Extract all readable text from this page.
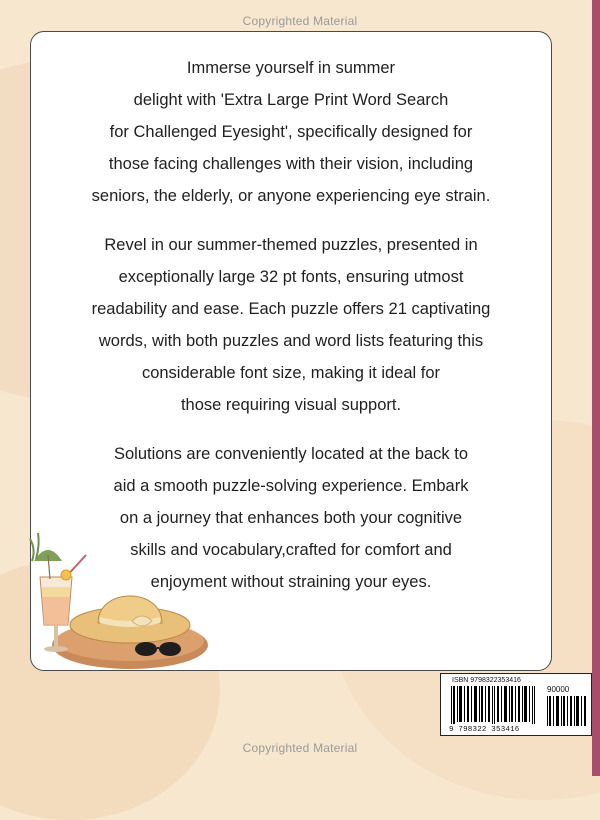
Copyrighted Material

Immerse yourself in summer
delight with 'Extra Large Print Word Search
for Challenged Eyesight', specifically designed for
those facing challenges with their vision, including
seniors, the elderly, or anyone experiencing eye strain.

Revel in our summer-themed puzzles, presented in
exceptionally large 32 pt fonts, ensuring utmost
readability and ease. Each puzzle offers 21 captivating
words, with both puzzles and word lists featuring this
considerable font size, making it ideal for
those requiring visual support.

Solutions are conveniently located at the back to
aid a smooth puzzle-solving experience. Embark
on a journey that enhances both your cognitive
skills and vocabulary,crafted for comfort and
enjoyment without straining your eyes.

ISBN 9798322353416
90000
9 798322 353416
Copyrighted Material
